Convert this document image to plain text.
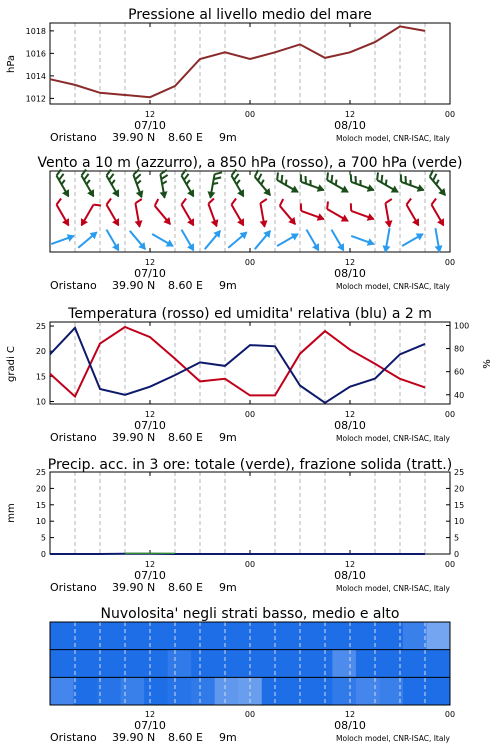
Pressione al livello medio del mare
hPa
Vento a 10 m (azzurro), a 850 hPa (rosso), a 700 hPa (verde)
Temperatura (rosso) ed umidita' relativa (blu) a 2 m
gradi C	%
Precip. acc. in 3 ore: totale (verde), frazione solida (tratt.)
mm
Nuvolosita' negli strati basso, medio e alto
1012
1014
1016
1018
12	00	12	00
07/10	08/10
Oristano 39.90 N 8.60 E 9m	Moloch model, CNR-ISAC, Italy
12	00	12	00
07/10	08/10
Oristano 39.90 N 8.60 E 9m	Moloch model, CNR-ISAC, Italy
10
15
20
25
40
60
80
100
12	00	12	00
07/10	08/10
Oristano 39.90 N 8.60 E 9m	Moloch model, CNR-ISAC, Italy
0
5
10
15
20
25
0
5
10
15
20
25
12	00	12	00
07/10	08/10
Oristano 39.90 N 8.60 E 9m	Moloch model, CNR-ISAC, Italy
12	00	12	00
07/10	08/10
Oristano 39.90 N 8.60 E 9m	Moloch model, CNR-ISAC, Italy
